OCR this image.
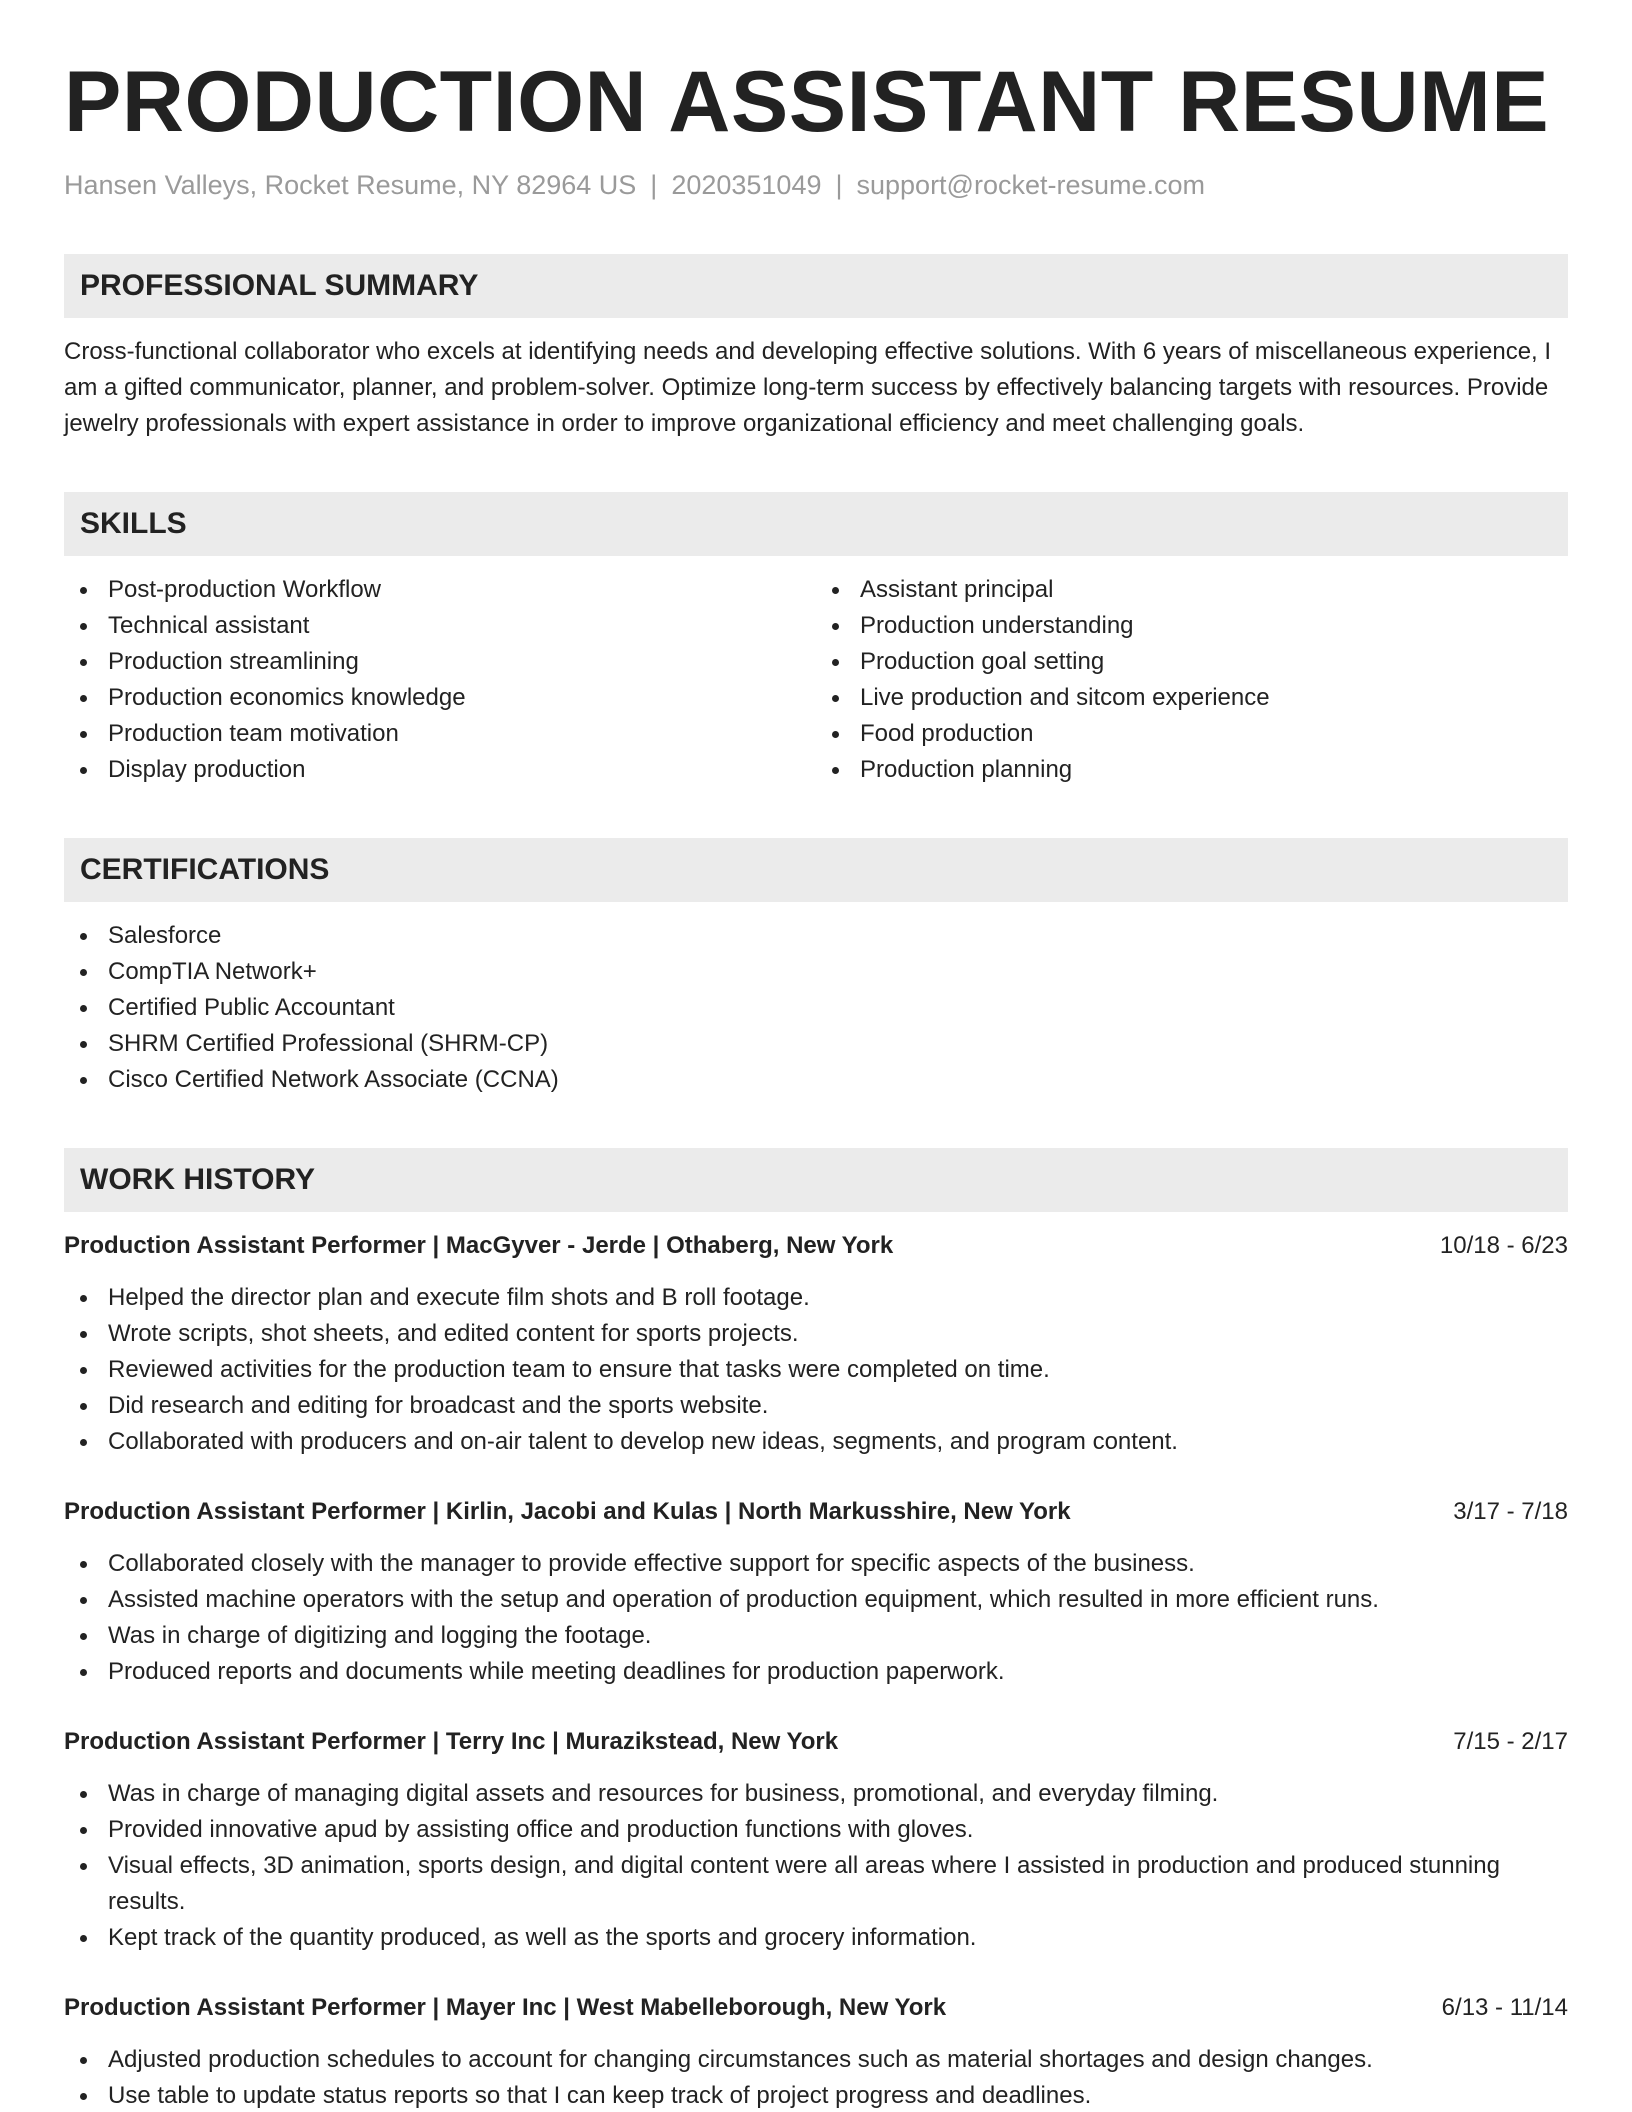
PRODUCTION ASSISTANT RESUME
Hansen Valleys, Rocket Resume, NY 82964 US | 2020351049 | support@rocket-resume.com
PROFESSIONAL SUMMARY
Cross-functional collaborator who excels at identifying needs and developing effective solutions. With 6 years of miscellaneous experience, I am a gifted communicator, planner, and problem-solver. Optimize long-term success by effectively balancing targets with resources. Provide jewelry professionals with expert assistance in order to improve organizational efficiency and meet challenging goals.
SKILLS
Post-production Workflow
Technical assistant
Production streamlining
Production economics knowledge
Production team motivation
Display production
Assistant principal
Production understanding
Production goal setting
Live production and sitcom experience
Food production
Production planning
CERTIFICATIONS
Salesforce
CompTIA Network+
Certified Public Accountant
SHRM Certified Professional (SHRM-CP)
Cisco Certified Network Associate (CCNA)
WORK HISTORY
Production Assistant Performer | MacGyver - Jerde | Othaberg, New York	10/18 - 6/23
Helped the director plan and execute film shots and B roll footage.
Wrote scripts, shot sheets, and edited content for sports projects.
Reviewed activities for the production team to ensure that tasks were completed on time.
Did research and editing for broadcast and the sports website.
Collaborated with producers and on-air talent to develop new ideas, segments, and program content.
Production Assistant Performer | Kirlin, Jacobi and Kulas | North Markusshire, New York	3/17 - 7/18
Collaborated closely with the manager to provide effective support for specific aspects of the business.
Assisted machine operators with the setup and operation of production equipment, which resulted in more efficient runs.
Was in charge of digitizing and logging the footage.
Produced reports and documents while meeting deadlines for production paperwork.
Production Assistant Performer | Terry Inc | Murazikstead, New York	7/15 - 2/17
Was in charge of managing digital assets and resources for business, promotional, and everyday filming.
Provided innovative apud by assisting office and production functions with gloves.
Visual effects, 3D animation, sports design, and digital content were all areas where I assisted in production and produced stunning results.
Kept track of the quantity produced, as well as the sports and grocery information.
Production Assistant Performer | Mayer Inc | West Mabelleborough, New York	6/13 - 11/14
Adjusted production schedules to account for changing circumstances such as material shortages and design changes.
Use table to update status reports so that I can keep track of project progress and deadlines.
